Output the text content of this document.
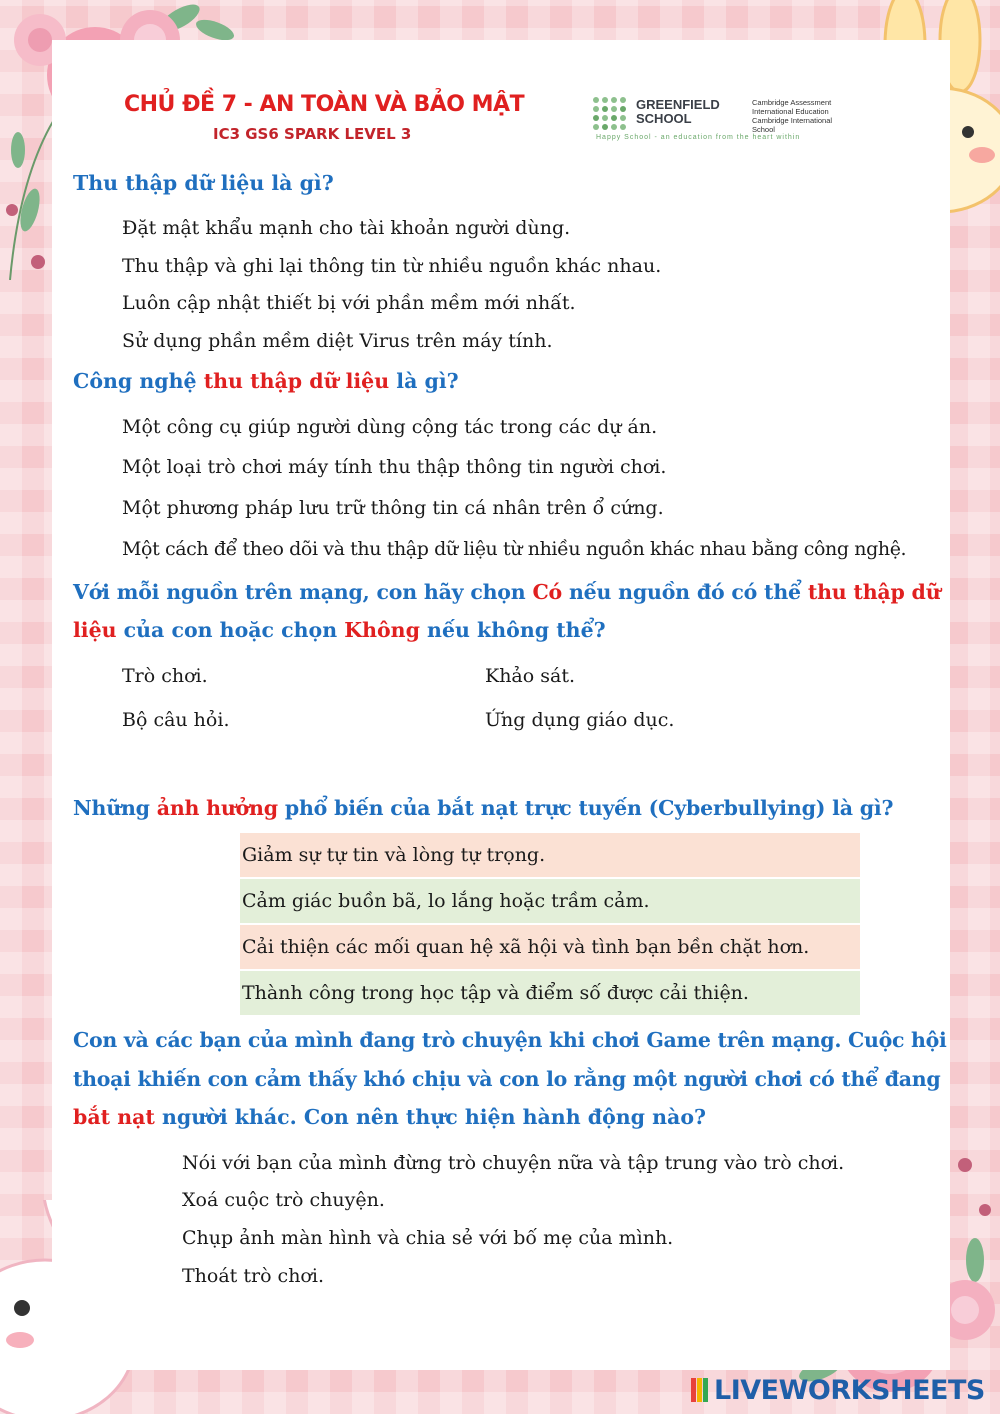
CHỦ ĐỀ 7 - AN TOÀN VÀ BẢO MẬT
IC3 GS6 SPARK LEVEL 3
GREENFIELD
SCHOOL
Cambridge Assessment
International Education
Cambridge International School
Happy School - an education from the heart within
Thu thập dữ liệu là gì?
Đặt mật khẩu mạnh cho tài khoản người dùng.
Thu thập và ghi lại thông tin từ nhiều nguồn khác nhau.
Luôn cập nhật thiết bị với phần mềm mới nhất.
Sử dụng phần mềm diệt Virus trên máy tính.
Công nghệ thu thập dữ liệu là gì?
Một công cụ giúp người dùng cộng tác trong các dự án.
Một loại trò chơi máy tính thu thập thông tin người chơi.
Một phương pháp lưu trữ thông tin cá nhân trên ổ cứng.
Một cách để theo dõi và thu thập dữ liệu từ nhiều nguồn khác nhau bằng công nghệ.
Với mỗi nguồn trên mạng, con hãy chọn Có nếu nguồn đó có thể thu thập dữ
liệu của con hoặc chọn Không nếu không thể?
Trò chơi.	Khảo sát.
Bộ câu hỏi.	Ứng dụng giáo dục.
Những ảnh hưởng phổ biến của bắt nạt trực tuyến (Cyberbullying) là gì?
Giảm sự tự tin và lòng tự trọng.
Cảm giác buồn bã, lo lắng hoặc trầm cảm.
Cải thiện các mối quan hệ xã hội và tình bạn bền chặt hơn.
Thành công trong học tập và điểm số được cải thiện.
Con và các bạn của mình đang trò chuyện khi chơi Game trên mạng. Cuộc hội
thoại khiến con cảm thấy khó chịu và con lo rằng một người chơi có thể đang
bắt nạt người khác. Con nên thực hiện hành động nào?
Nói với bạn của mình đừng trò chuyện nữa và tập trung vào trò chơi.
Xoá cuộc trò chuyện.
Chụp ảnh màn hình và chia sẻ với bố mẹ của mình.
Thoát trò chơi.
LIVEWORKSHEETS
